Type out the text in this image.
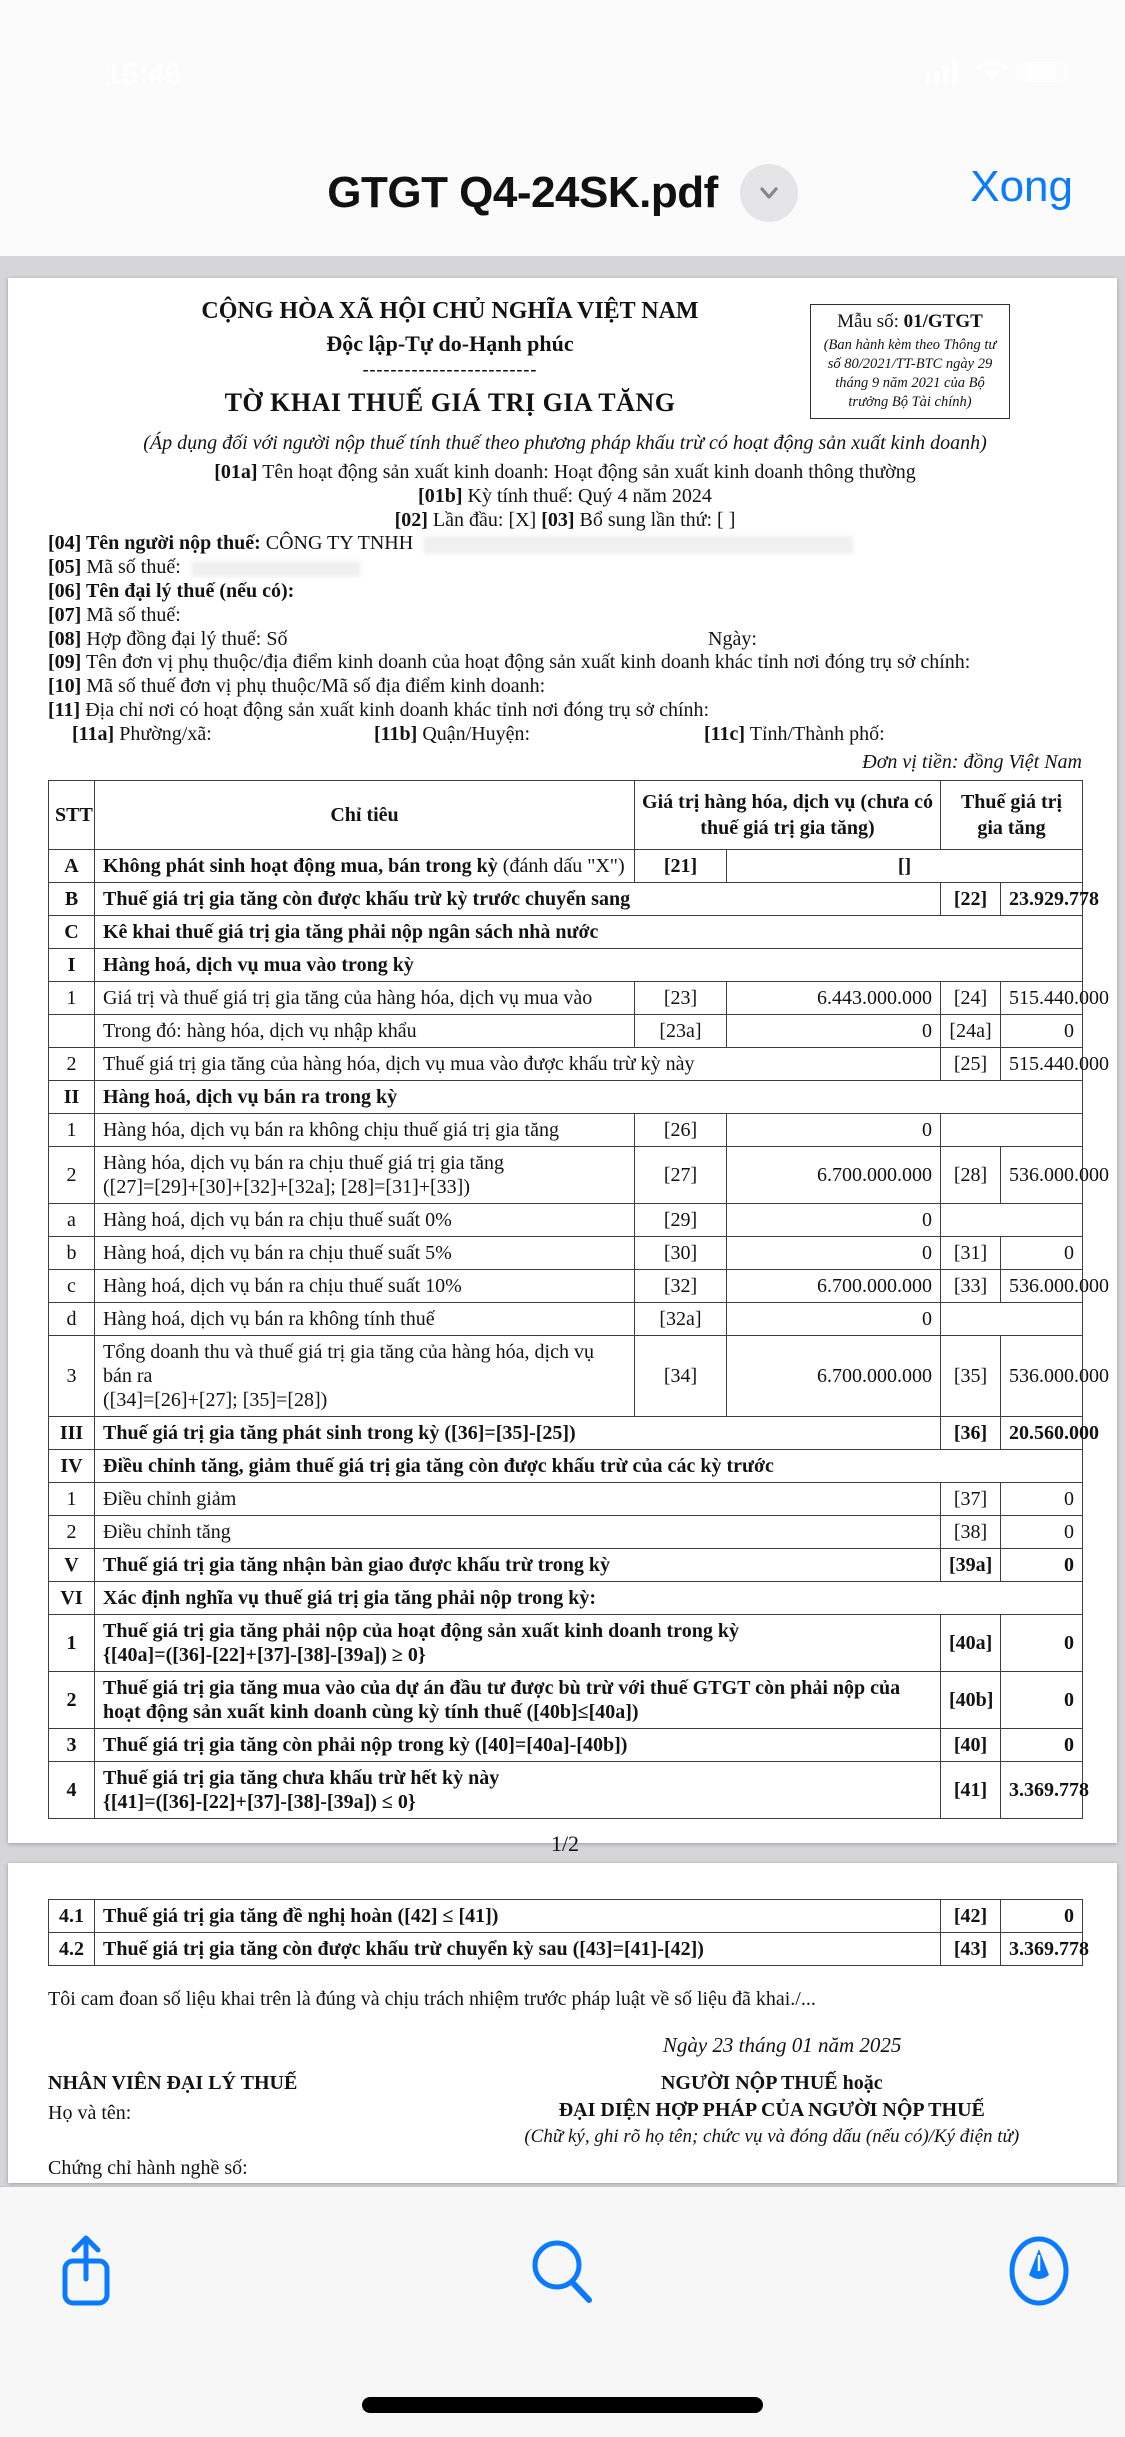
15:46
GTGT Q4-24SK.pdf	Xong
CỘNG HÒA XÃ HỘI CHỦ NGHĨA VIỆT NAM
Độc lập-Tự do-Hạnh phúc
-------------------------
TỜ KHAI THUẾ GIÁ TRỊ GIA TĂNG
Mẫu số: 01/GTGT
(Ban hành kèm theo Thông tư số 80/2021/TT-BTC ngày 29 tháng 9 năm 2021 của Bộ trưởng Bộ Tài chính)
(Áp dụng đối với người nộp thuế tính thuế theo phương pháp khấu trừ có hoạt động sản xuất kinh doanh)
[01a] Tên hoạt động sản xuất kinh doanh: Hoạt động sản xuất kinh doanh thông thường
[01b] Kỳ tính thuế: Quý 4 năm 2024
[02] Lần đầu: [X] [03] Bổ sung lần thứ: [ ]
[04] Tên người nộp thuế: CÔNG TY TNHH
[05] Mã số thuế:
[06] Tên đại lý thuế (nếu có):
[07] Mã số thuế:
[08] Hợp đồng đại lý thuế: Số	Ngày:
[09] Tên đơn vị phụ thuộc/địa điểm kinh doanh của hoạt động sản xuất kinh doanh khác tỉnh nơi đóng trụ sở chính:
[10] Mã số thuế đơn vị phụ thuộc/Mã số địa điểm kinh doanh:
[11] Địa chỉ nơi có hoạt động sản xuất kinh doanh khác tỉnh nơi đóng trụ sở chính:
[11a] Phường/xã:	[11b] Quận/Huyện:	[11c] Tỉnh/Thành phố:
Đơn vị tiền: đồng Việt Nam
STT	Chỉ tiêu	Giá trị hàng hóa, dịch vụ (chưa có thuế giá trị gia tăng)		Thuế giá trị gia tăng	
A	Không phát sinh hoạt động mua, bán trong kỳ (đánh dấu "X")	[21]	[]		
B	Thuế giá trị gia tăng còn được khấu trừ kỳ trước chuyển sang			[22]	23.929.778
C	Kê khai thuế giá trị gia tăng phải nộp ngân sách nhà nước				
I	Hàng hoá, dịch vụ mua vào trong kỳ				
1	Giá trị và thuế giá trị gia tăng của hàng hóa, dịch vụ mua vào	[23]	6.443.000.000	[24]	515.440.000
	Trong đó: hàng hóa, dịch vụ nhập khẩu	[23a]	0	[24a]	0
2	Thuế giá trị gia tăng của hàng hóa, dịch vụ mua vào được khấu trừ kỳ này			[25]	515.440.000
II	Hàng hoá, dịch vụ bán ra trong kỳ				
1	Hàng hóa, dịch vụ bán ra không chịu thuế giá trị gia tăng	[26]	0		
2	Hàng hóa, dịch vụ bán ra chịu thuế giá trị gia tăng
([27]=[29]+[30]+[32]+[32a]; [28]=[31]+[33])	[27]	6.700.000.000	[28]	536.000.000
a	Hàng hoá, dịch vụ bán ra chịu thuế suất 0%	[29]	0		
b	Hàng hoá, dịch vụ bán ra chịu thuế suất 5%	[30]	0	[31]	0
c	Hàng hoá, dịch vụ bán ra chịu thuế suất 10%	[32]	6.700.000.000	[33]	536.000.000
d	Hàng hoá, dịch vụ bán ra không tính thuế	[32a]	0		
3	Tổng doanh thu và thuế giá trị gia tăng của hàng hóa, dịch vụ bán ra
([34]=[26]+[27]; [35]=[28])	[34]	6.700.000.000	[35]	536.000.000
III	Thuế giá trị gia tăng phát sinh trong kỳ ([36]=[35]-[25])			[36]	20.560.000
IV	Điều chỉnh tăng, giảm thuế giá trị gia tăng còn được khấu trừ của các kỳ trước				
1	Điều chỉnh giảm			[37]	0
2	Điều chỉnh tăng			[38]	0
V	Thuế giá trị gia tăng nhận bàn giao được khấu trừ trong kỳ			[39a]	0
VI	Xác định nghĩa vụ thuế giá trị gia tăng phải nộp trong kỳ:				
1	Thuế giá trị gia tăng phải nộp của hoạt động sản xuất kinh doanh trong kỳ
{[40a]=([36]-[22]+[37]-[38]-[39a]) ≥ 0}			[40a]	0
2	Thuế giá trị gia tăng mua vào của dự án đầu tư được bù trừ với thuế GTGT còn phải nộp của hoạt động sản xuất kinh doanh cùng kỳ tính thuế ([40b]≤[40a])			[40b]	0
3	Thuế giá trị gia tăng còn phải nộp trong kỳ ([40]=[40a]-[40b])			[40]	0
4	Thuế giá trị gia tăng chưa khấu trừ hết kỳ này
{[41]=([36]-[22]+[37]-[38]-[39a]) ≤ 0}			[41]	3.369.778
1/2
4.1	Thuế giá trị gia tăng đề nghị hoàn ([42] ≤ [41])	[42]	0
4.2	Thuế giá trị gia tăng còn được khấu trừ chuyển kỳ sau ([43]=[41]-[42])	[43]	3.369.778
Tôi cam đoan số liệu khai trên là đúng và chịu trách nhiệm trước pháp luật về số liệu đã khai./...
Ngày 23 tháng 01 năm 2025
NHÂN VIÊN ĐẠI LÝ THUẾ
Họ và tên:
Chứng chỉ hành nghề số:
NGƯỜI NỘP THUẾ hoặc
ĐẠI DIỆN HỢP PHÁP CỦA NGƯỜI NỘP THUẾ
(Chữ ký, ghi rõ họ tên; chức vụ và đóng dấu (nếu có)/Ký điện tử)
